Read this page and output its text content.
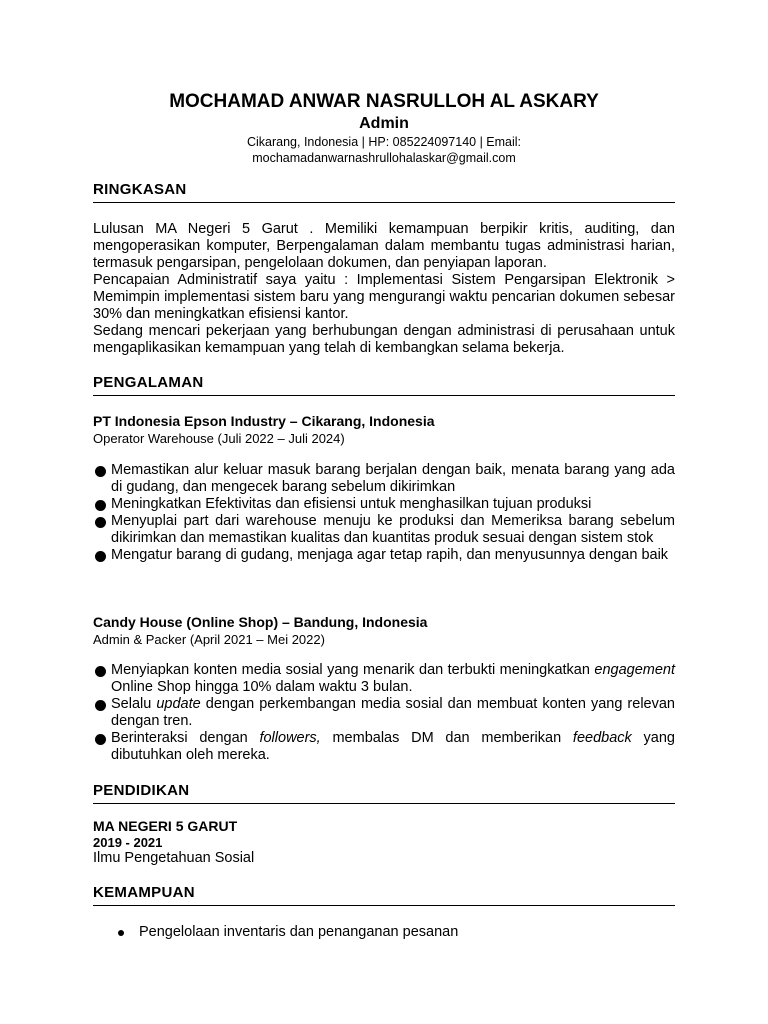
MOCHAMAD ANWAR NASRULLOH AL ASKARY
Admin
Cikarang, Indonesia | HP: 085224097140 | Email:
mochamadanwarnashrullohalaskar@gmail.com
RINGKASAN

Lulusan MA Negeri 5 Garut . Memiliki kemampuan berpikir kritis, auditing, dan mengoperasikan komputer, Berpengalaman dalam membantu tugas administrasi harian, termasuk pengarsipan, pengelolaan dokumen, dan penyiapan laporan.

Pencapaian Administratif saya yaitu : Implementasi Sistem Pengarsipan Elektronik > Memimpin implementasi sistem baru yang mengurangi waktu pencarian dokumen sebesar 30% dan meningkatkan efisiensi kantor.

Sedang mencari pekerjaan yang berhubungan dengan administrasi di perusahaan untuk mengaplikasikan kemampuan yang telah di kembangkan selama bekerja.

PENGALAMAN
PT Indonesia Epson Industry – Cikarang, Indonesia
Operator Warehouse (Juli 2022 – Juli 2024)
Memastikan alur keluar masuk barang berjalan dengan baik, menata barang yang ada di gudang, dan mengecek barang sebelum dikirimkan
Meningkatkan Efektivitas dan efisiensi untuk menghasilkan tujuan produksi
Menyuplai part dari warehouse menuju ke produksi dan Memeriksa barang sebelum dikirimkan dan memastikan kualitas dan kuantitas produk sesuai dengan sistem stok
Mengatur barang di gudang, menjaga agar tetap rapih, dan menyusunnya dengan baik
Candy House (Online Shop) – Bandung, Indonesia
Admin & Packer (April 2021 – Mei 2022)
Menyiapkan konten media sosial yang menarik dan terbukti meningkatkan engagement Online Shop hingga 10% dalam waktu 3 bulan.
Selalu update dengan perkembangan media sosial dan membuat konten yang relevan dengan tren.
Berinteraksi dengan followers, membalas DM dan memberikan feedback yang dibutuhkan oleh mereka.
PENDIDIKAN
MA NEGERI 5 GARUT
2019 - 2021
Ilmu Pengetahuan Sosial
KEMAMPUAN
Pengelolaan inventaris dan penanganan pesanan
